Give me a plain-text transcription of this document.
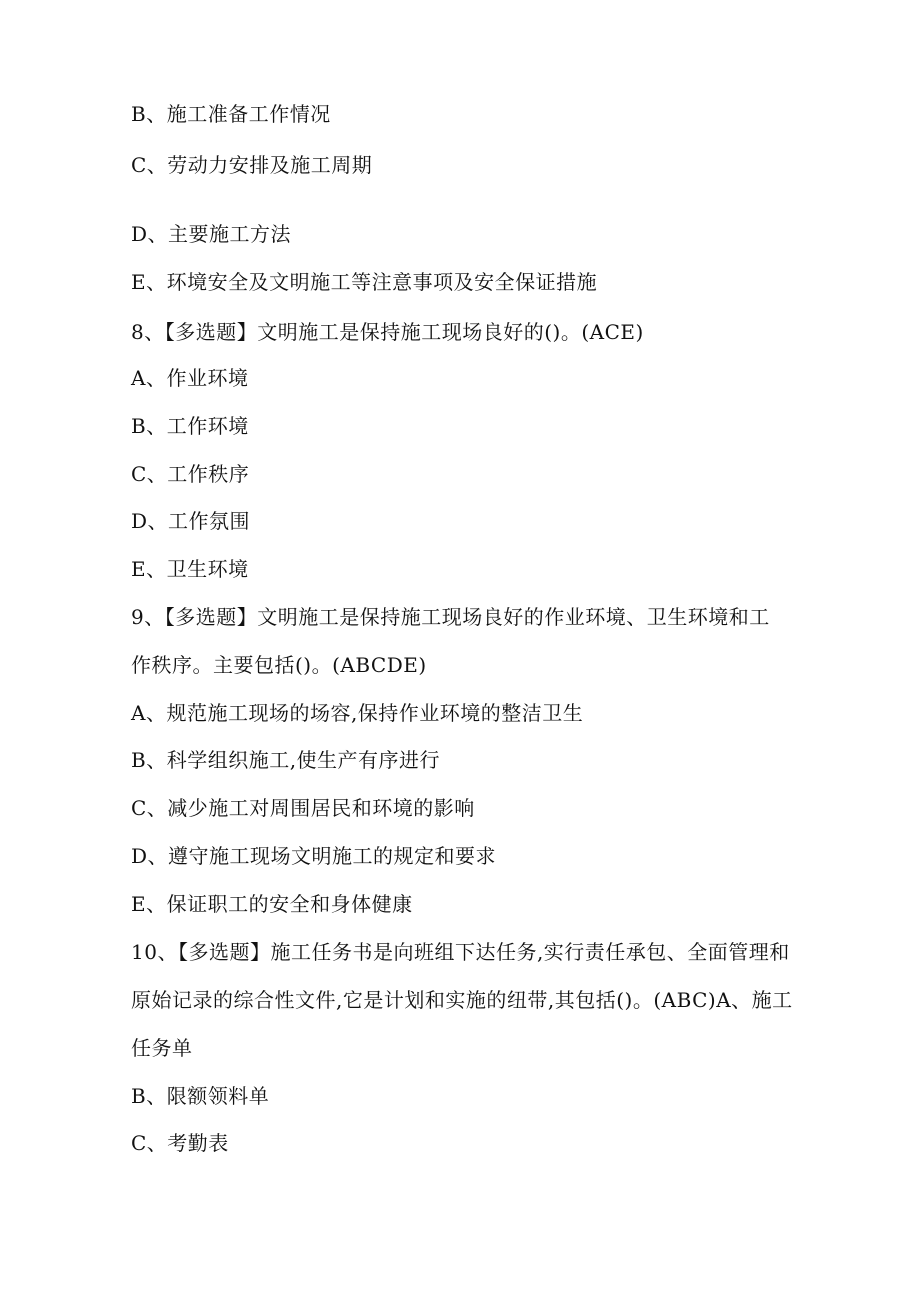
B、施工准备工作情况
C、劳动力安排及施工周期
D、主要施工方法
E、环境安全及文明施工等注意事项及安全保证措施
8、【多选题】文明施工是保持施工现场良好的()。(ACE)
A、作业环境
B、工作环境
C、工作秩序
D、工作氛围
E、卫生环境
9、【多选题】文明施工是保持施工现场良好的作业环境、卫生环境和工
作秩序。主要包括()。(ABCDE)
A、规范施工现场的场容,保持作业环境的整洁卫生
B、科学组织施工,使生产有序进行
C、减少施工对周围居民和环境的影响
D、遵守施工现场文明施工的规定和要求
E、保证职工的安全和身体健康
10、【多选题】施工任务书是向班组下达任务,实行责任承包、全面管理和
原始记录的综合性文件,它是计划和实施的纽带,其包括()。(ABC)A、施工
任务单
B、限额领料单
C、考勤表
